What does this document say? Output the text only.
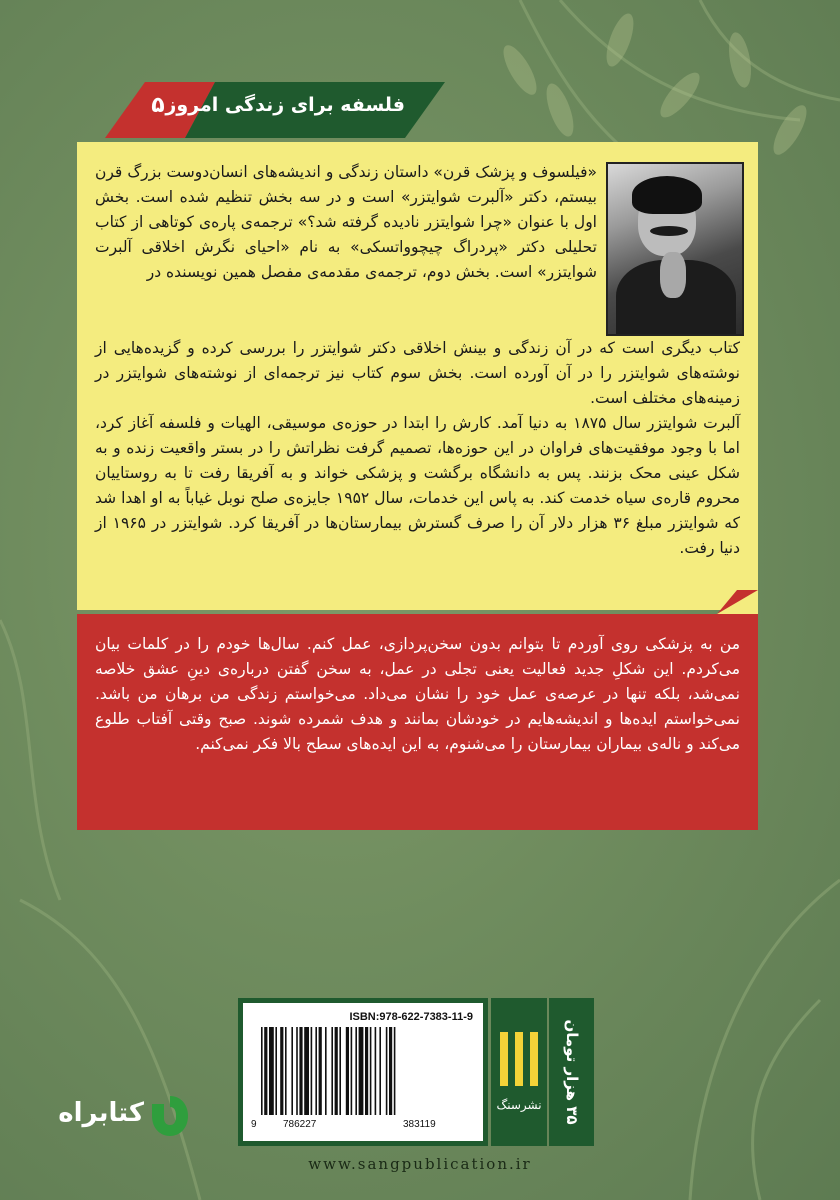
فلسفه برای زندگی امروز
۵

«فیلسوف و پزشک قرن» داستان زندگی و اندیشه‌های انسان‌دوست بزرگ قرن بیستم، دکتر «آلبرت شوایتزر» است و در سه بخش تنظیم شده است. بخش اول با عنوان «چرا شوایتزر نادیده گرفته شد؟» ترجمه‌ی پاره‌ی کوتاهی از کتاب تحلیلی دکتر «پردراگ چیچوواتسکی» به نام «احیای نگرش اخلاقی آلبرت شوایتزر» است. بخش دوم، ترجمه‌ی مقدمه‌ی مفصل همین نویسنده در

کتاب دیگری است که در آن زندگی و بینش اخلاقی دکتر شوایتزر را بررسی کرده و گزیده‌هایی از نوشته‌های شوایتزر را در آن آورده است. بخش سوم کتاب نیز ترجمه‌ای از نوشته‌های شوایتزر در زمینه‌های مختلف است.

آلبرت شوایتزر سال ۱۸۷۵ به دنیا آمد. کارش را ابتدا در حوزه‌ی موسیقی، الهیات و فلسفه آغاز کرد، اما با وجود موفقیت‌های فراوان در این حوزه‌ها، تصمیم گرفت نظراتش را در بستر واقعیت زنده و به شکل عینی محک بزنند. پس به دانشگاه برگشت و پزشکی خواند و به آفریقا رفت تا به روستاییان محروم قاره‌ی سیاه خدمت کند. به پاس این خدمات، سال ۱۹۵۲ جایزه‌ی صلح نوبل غیاباً به او اهدا شد که شوایتزر مبلغ ۳۶ هزار دلار آن را صرف گسترش بیمارستان‌ها در آفریقا کرد. شوایتزر در ۱۹۶۵ از دنیا رفت.

من به پزشکی روی آوردم تا بتوانم بدون سخن‌پردازی، عمل کنم. سال‌ها خودم را در کلمات بیان می‌کردم. این شکلِ جدید فعالیت یعنی تجلی در عمل، به سخن گفتن درباره‌ی دینِ عشق خلاصه نمی‌شد، بلکه تنها در عرصه‌ی عمل خود را نشان می‌داد. می‌خواستم زندگی من برهان من باشد. نمی‌خواستم ایده‌ها و اندیشه‌هایم در خودشان بمانند و هدف شمرده شوند. صبح وقتی آفتاب طلوع می‌کند و ناله‌ی بیماران بیمارستان را می‌شنوم، به این ایده‌های سطح بالا فکر نمی‌کنم.

ISBN:978-622-7383-11-9
9	786227	383119
نشرسنگ	۳۵ هزار تومان
www.sangpublication.ir
کتابراه
